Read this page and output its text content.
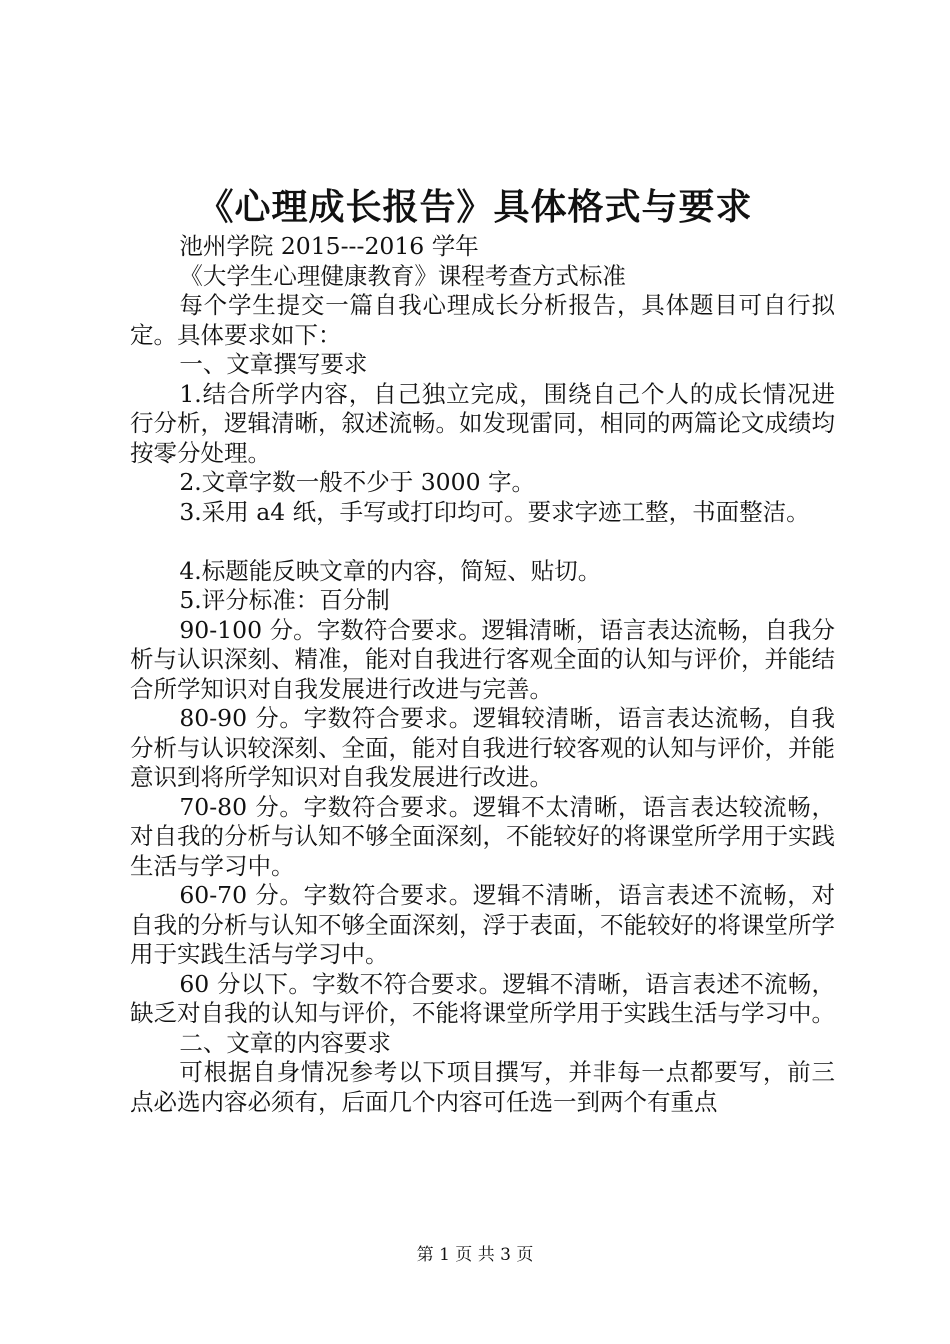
《心理成长报告》具体格式与要求

池州学院 2015---2016 学年

《大学生心理健康教育》课程考查方式标准

每个学生提交一篇自我心理成长分析报告，具体题目可自行拟定。具体要求如下：

一、文章撰写要求

1.结合所学内容，自己独立完成，围绕自己个人的成长情况进行分析，逻辑清晰，叙述流畅。如发现雷同，相同的两篇论文成绩均按零分处理。

2.文章字数一般不少于 3000 字。

3.采用 a4 纸，手写或打印均可。要求字迹工整，书面整洁。

4.标题能反映文章的内容，简短、贴切。

5.评分标准：百分制

90-100 分。字数符合要求。逻辑清晰，语言表达流畅，自我分析与认识深刻、精准，能对自我进行客观全面的认知与评价，并能结合所学知识对自我发展进行改进与完善。

80-90 分。字数符合要求。逻辑较清晰，语言表达流畅，自我分析与认识较深刻、全面，能对自我进行较客观的认知与评价，并能意识到将所学知识对自我发展进行改进。

70-80 分。字数符合要求。逻辑不太清晰，语言表达较流畅，对自我的分析与认知不够全面深刻，不能较好的将课堂所学用于实践生活与学习中。

60-70 分。字数符合要求。逻辑不清晰，语言表述不流畅，对自我的分析与认知不够全面深刻，浮于表面，不能较好的将课堂所学用于实践生活与学习中。

60 分以下。字数不符合要求。逻辑不清晰，语言表述不流畅，缺乏对自我的认知与评价，不能将课堂所学用于实践生活与学习中。

二、文章的内容要求

可根据自身情况参考以下项目撰写，并非每一点都要写，前三点必选内容必须有，后面几个内容可任选一到两个有重点

第 1 页 共 3 页
